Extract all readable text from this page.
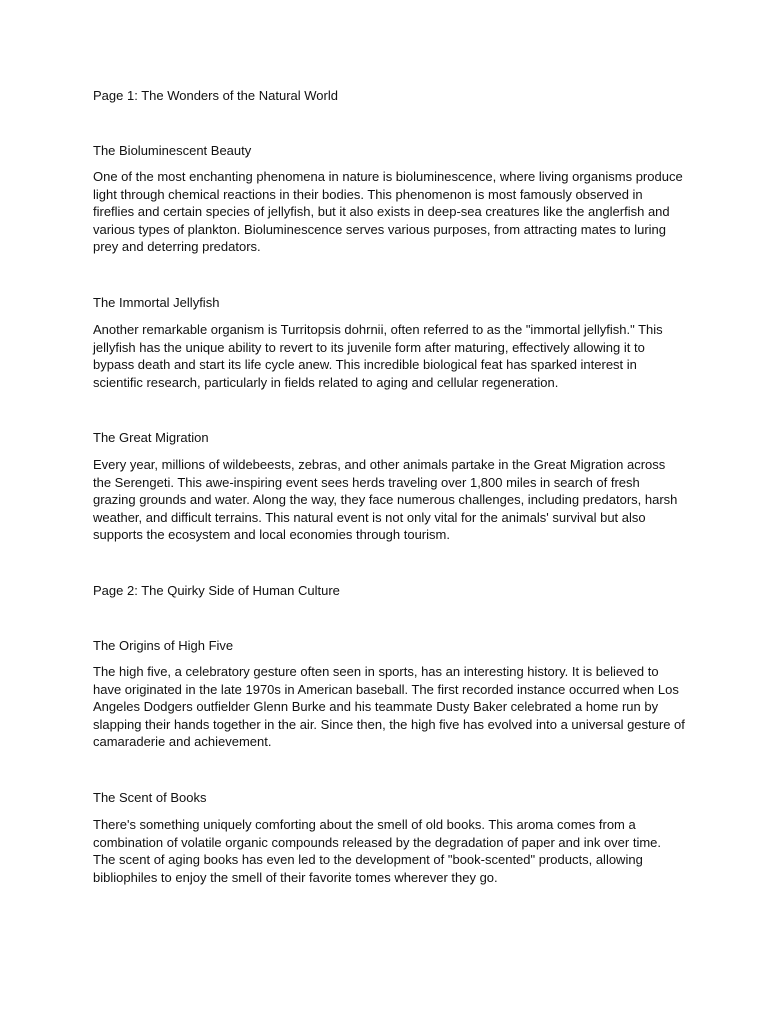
Page 1: The Wonders of the Natural World

The Bioluminescent Beauty

One of the most enchanting phenomena in nature is bioluminescence, where living organisms produce light through chemical reactions in their bodies. This phenomenon is most famously observed in fireflies and certain species of jellyfish, but it also exists in deep-sea creatures like the anglerfish and various types of plankton. Bioluminescence serves various purposes, from attracting mates to luring prey and deterring predators.

The Immortal Jellyfish

Another remarkable organism is Turritopsis dohrnii, often referred to as the "immortal jellyfish." This jellyfish has the unique ability to revert to its juvenile form after maturing, effectively allowing it to bypass death and start its life cycle anew. This incredible biological feat has sparked interest in scientific research, particularly in fields related to aging and cellular regeneration.

The Great Migration

Every year, millions of wildebeests, zebras, and other animals partake in the Great Migration across the Serengeti. This awe-inspiring event sees herds traveling over 1,800 miles in search of fresh grazing grounds and water. Along the way, they face numerous challenges, including predators, harsh weather, and difficult terrains. This natural event is not only vital for the animals' survival but also supports the ecosystem and local economies through tourism.

Page 2: The Quirky Side of Human Culture

The Origins of High Five

The high five, a celebratory gesture often seen in sports, has an interesting history. It is believed to have originated in the late 1970s in American baseball. The first recorded instance occurred when Los Angeles Dodgers outfielder Glenn Burke and his teammate Dusty Baker celebrated a home run by slapping their hands together in the air. Since then, the high five has evolved into a universal gesture of camaraderie and achievement.

The Scent of Books

There's something uniquely comforting about the smell of old books. This aroma comes from a combination of volatile organic compounds released by the degradation of paper and ink over time. The scent of aging books has even led to the development of "book-scented" products, allowing bibliophiles to enjoy the smell of their favorite tomes wherever they go.
